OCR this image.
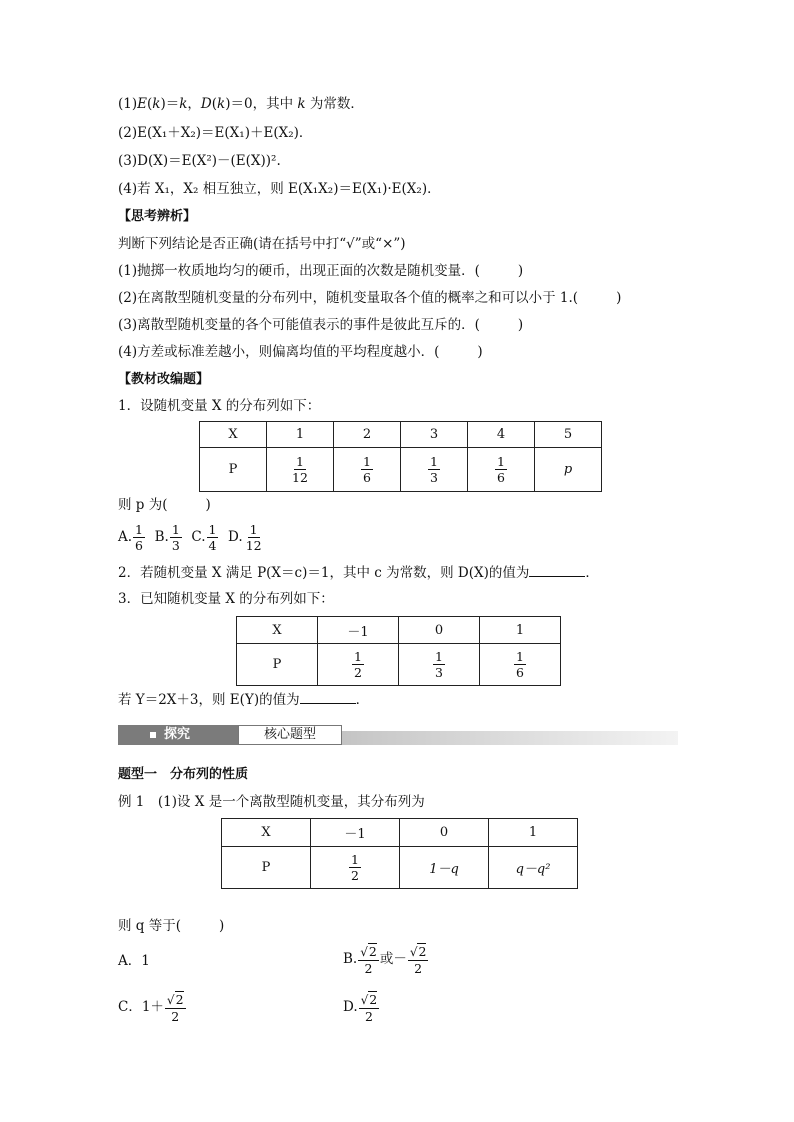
(1)E(k)＝k，D(k)＝0，其中 k 为常数．
(2)E(X₁＋X₂)＝E(X₁)＋E(X₂)．
(3)D(X)＝E(X²)－(E(X))².
(4)若 X₁，X₂ 相互独立，则 E(X₁X₂)＝E(X₁)·E(X₂)．
【思考辨析】
判断下列结论是否正确(请在括号中打“√”或“×”)
(1)抛掷一枚质地均匀的硬币，出现正面的次数是随机变量．(	)
(2)在离散型随机变量的分布列中，随机变量取各个值的概率之和可以小于 1.(	)
(3)离散型随机变量的各个可能值表示的事件是彼此互斥的．(	)
(4)方差或标准差越小，则偏离均值的平均程度越小．(	)
【教材改编题】
1．设随机变量 X 的分布列如下：
X	1	2	3	4	5
P	$\frac{1}{12}$	$\frac{1}{6}$	$\frac{1}{3}$	$\frac{1}{6}$	p
则 p 为(	)
A. $\frac{1}{6} B$. $\frac{1}{3} C$. $\frac{1}{4} D$. $\frac{1}{12}$
2．若随机变量 X 满足 P(X＝c)＝1，其中 c 为常数，则 D(X)的值为	．
3．已知随机变量 X 的分布列如下：
X	－1	0	1
P	$\frac{1}{2}$	$\frac{1}{3}$	$\frac{1}{6}$
若 Y＝2X＋3，则 E(Y)的值为	．
探究	核心题型
题型一　分布列的性质
例 1　(1)设 X 是一个离散型随机变量，其分布列为
X	－1	0	1
P	$\frac{1}{2}$	1－q	q－q²
则 q 等于(	)
A．1	B. √ $\frac{2}{2}$ 或－ √ $\frac{2}{2}$
C．1＋ √ $\frac{2}{2}$	D. √ $\frac{2}{2}$
